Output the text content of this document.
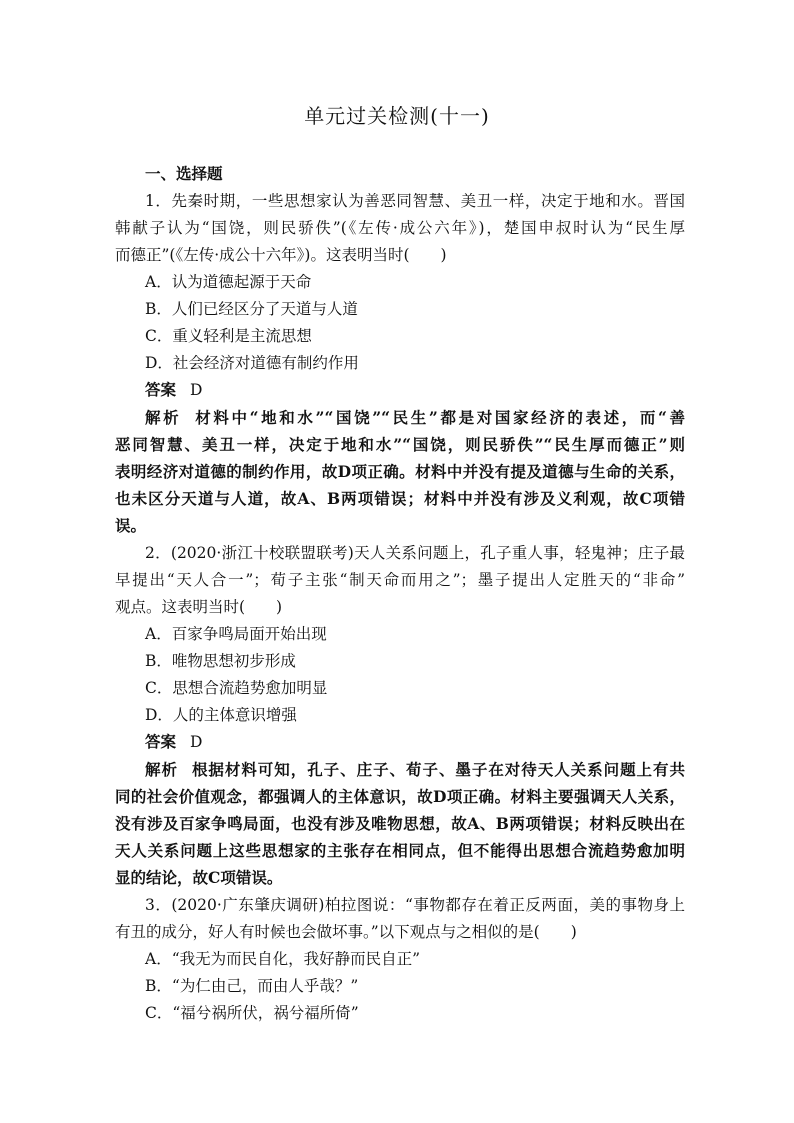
单元过关检测(十一)
一、选择题
1．先秦时期，一些思想家认为善恶同智慧、美丑一样，决定于地和水。晋国
韩献子认为“国饶，则民骄佚”(《左传·成公六年》)，楚国申叔时认为“民生厚
而德正”(《左传·成公十六年》)。这表明当时(　　)
A．认为道德起源于天命
B．人们已经区分了天道与人道
C．重义轻利是主流思想
D．社会经济对道德有制约作用
答案 D
解析 材料中“地和水”“国饶”“民生”都是对国家经济的表述，而“善
恶同智慧、美丑一样，决定于地和水”“国饶，则民骄佚”“民生厚而德正”则
表明经济对道德的制约作用，故D项正确。材料中并没有提及道德与生命的关系，
也未区分天道与人道，故A、B两项错误；材料中并没有涉及义利观，故C项错
误。
2．(2020·浙江十校联盟联考)天人关系问题上，孔子重人事，轻鬼神；庄子最
早提出“天人合一”；荀子主张“制天命而用之”；墨子提出人定胜天的“非命”
观点。这表明当时(　　)
A．百家争鸣局面开始出现
B．唯物思想初步形成
C．思想合流趋势愈加明显
D．人的主体意识增强
答案 D
解析 根据材料可知，孔子、庄子、荀子、墨子在对待天人关系问题上有共
同的社会价值观念，都强调人的主体意识，故D项正确。材料主要强调天人关系，
没有涉及百家争鸣局面，也没有涉及唯物思想，故A、B两项错误；材料反映出在
天人关系问题上这些思想家的主张存在相同点，但不能得出思想合流趋势愈加明
显的结论，故C项错误。
3．(2020·广东肇庆调研)柏拉图说：“事物都存在着正反两面，美的事物身上
有丑的成分，好人有时候也会做坏事。”以下观点与之相似的是(　　)
A．“我无为而民自化，我好静而民自正”
B．“为仁由己，而由人乎哉？”
C．“福兮祸所伏，祸兮福所倚”
